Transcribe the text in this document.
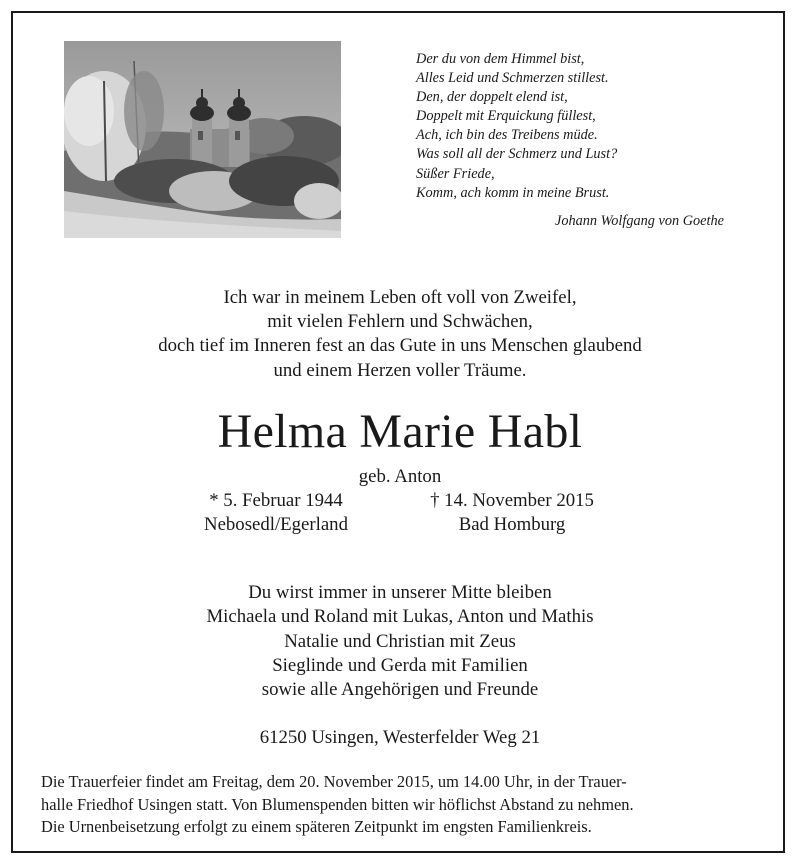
Der du von dem Himmel bist,
Alles Leid und Schmerzen stillest.
Den, der doppelt elend ist,
Doppelt mit Erquickung füllest,
Ach, ich bin des Treibens müde.
Was soll all der Schmerz und Lust?
Süßer Friede,
Komm, ach komm in meine Brust.
Johann Wolfgang von Goethe
Ich war in meinem Leben oft voll von Zweifel,
mit vielen Fehlern und Schwächen,
doch tief im Inneren fest an das Gute in uns Menschen glaubend
und einem Herzen voller Träume.
Helma Marie Habl
geb. Anton
* 5. Februar 1944
Nebosedl/Egerland
† 14. November 2015
Bad Homburg
Du wirst immer in unserer Mitte bleiben
Michaela und Roland mit Lukas, Anton und Mathis
Natalie und Christian mit Zeus
Sieglinde und Gerda mit Familien
sowie alle Angehörigen und Freunde
61250 Usingen, Westerfelder Weg 21
Die Trauerfeier findet am Freitag, dem 20. November 2015, um 14.00 Uhr, in der Trauer-
halle Friedhof Usingen statt. Von Blumenspenden bitten wir höflichst Abstand zu nehmen.
Die Urnenbeisetzung erfolgt zu einem späteren Zeitpunkt im engsten Familienkreis.
